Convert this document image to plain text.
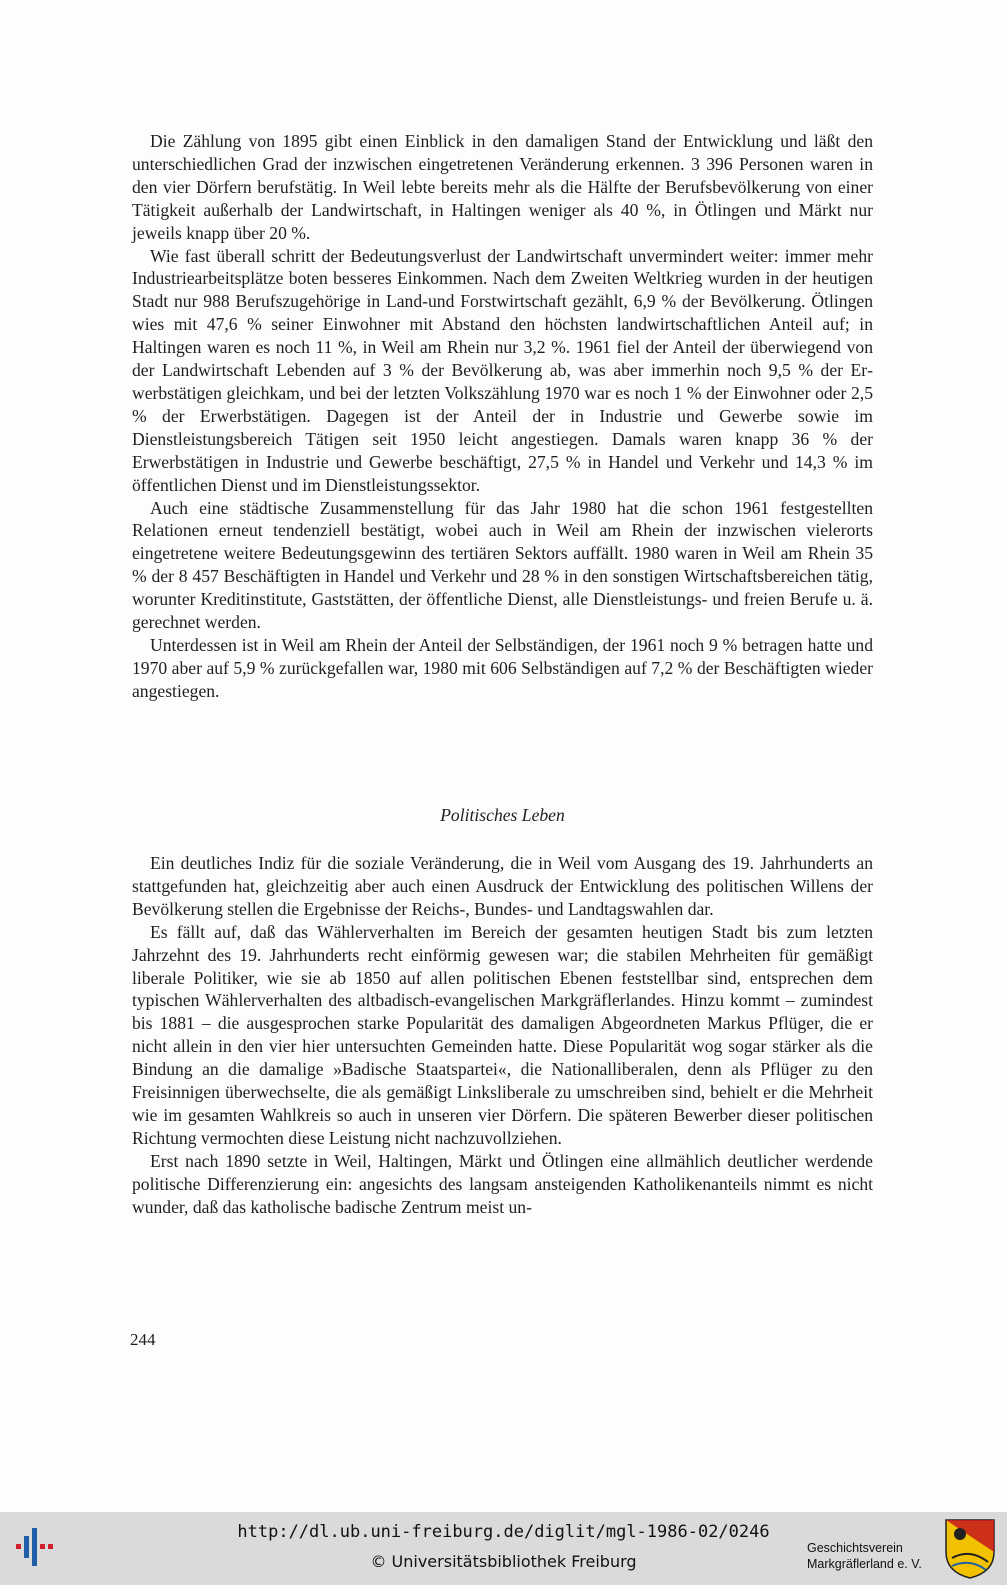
Die Zählung von 1895 gibt einen Einblick in den damaligen Stand der Entwicklung und läßt den unterschiedlichen Grad der inzwischen eingetretenen Veränderung erkennen. 3 396 Personen waren in den vier Dörfern berufstätig. In Weil lebte bereits mehr als die Hälfte der Berufsbevölkerung von einer Tätigkeit außerhalb der Landwirtschaft, in Haltingen weniger als 40 %, in Ötlingen und Märkt nur jeweils knapp über 20 %.

Wie fast überall schritt der Bedeutungsverlust der Landwirtschaft unvermindert weiter: immer mehr Industriearbeitsplätze boten besseres Einkommen. Nach dem Zweiten Weltkrieg wurden in der heutigen Stadt nur 988 Berufszugehörige in Land-und Forstwirtschaft gezählt, 6,9 % der Bevölkerung. Ötlingen wies mit 47,6 % seiner Einwohner mit Abstand den höchsten landwirtschaftlichen Anteil auf; in Haltingen waren es noch 11 %, in Weil am Rhein nur 3,2 %. 1961 fiel der Anteil der überwiegend von der Landwirtschaft Lebenden auf 3 % der Bevölkerung ab, was aber immerhin noch 9,5 % der Erwerbstätigen gleichkam, und bei der letzten Volkszählung 1970 war es noch 1 % der Einwohner oder 2,5 % der Erwerbstätigen. Dagegen ist der Anteil der in Industrie und Gewerbe sowie im Dienstleistungsbereich Tätigen seit 1950 leicht angestiegen. Damals waren knapp 36 % der Erwerbstätigen in Industrie und Gewerbe beschäftigt, 27,5 % in Handel und Verkehr und 14,3 % im öffentlichen Dienst und im Dienstleistungssektor.

Auch eine städtische Zusammenstellung für das Jahr 1980 hat die schon 1961 festgestellten Relationen erneut tendenziell bestätigt, wobei auch in Weil am Rhein der inzwischen vielerorts eingetretene weitere Bedeutungsgewinn des tertiären Sektors auffällt. 1980 waren in Weil am Rhein 35 % der 8 457 Beschäftigten in Handel und Verkehr und 28 % in den sonstigen Wirtschaftsbereichen tätig, worunter Kreditinstitute, Gaststätten, der öffentliche Dienst, alle Dienstleistungs- und freien Berufe u. ä. gerechnet werden.

Unterdessen ist in Weil am Rhein der Anteil der Selbständigen, der 1961 noch 9 % betragen hatte und 1970 aber auf 5,9 % zurückgefallen war, 1980 mit 606 Selbständigen auf 7,2 % der Beschäftigten wieder angestiegen.

Politisches Leben

Ein deutliches Indiz für die soziale Veränderung, die in Weil vom Ausgang des 19. Jahrhunderts an stattgefunden hat, gleichzeitig aber auch einen Ausdruck der Entwicklung des politischen Willens der Bevölkerung stellen die Ergebnisse der Reichs-, Bundes- und Landtagswahlen dar.

Es fällt auf, daß das Wählerverhalten im Bereich der gesamten heutigen Stadt bis zum letzten Jahrzehnt des 19. Jahrhunderts recht einförmig gewesen war; die stabilen Mehrheiten für gemäßigt liberale Politiker, wie sie ab 1850 auf allen politischen Ebenen feststellbar sind, entsprechen dem typischen Wählerverhalten des altbadisch-evangelischen Markgräflerlandes. Hinzu kommt – zumindest bis 1881 – die ausgesprochen starke Popularität des damaligen Abgeordneten Markus Pflüger, die er nicht allein in den vier hier untersuchten Gemeinden hatte. Diese Popularität wog sogar stärker als die Bindung an die damalige »Badische Staatspartei«, die Nationalliberalen, denn als Pflüger zu den Freisinnigen überwechselte, die als gemäßigt Linksliberale zu umschreiben sind, behielt er die Mehrheit wie im gesamten Wahlkreis so auch in unseren vier Dörfern. Die späteren Bewerber dieser politischen Richtung vermochten diese Leistung nicht nachzuvollziehen.

Erst nach 1890 setzte in Weil, Haltingen, Märkt und Ötlingen eine allmählich deutlicher werdende politische Differenzierung ein: angesichts des langsam ansteigenden Katholikenanteils nimmt es nicht wunder, daß das katholische badische Zentrum meist un-

244
http://dl.ub.uni-freiburg.de/diglit/mgl-1986-02/0246
© Universitätsbibliothek Freiburg
Geschichtsverein
Markgräflerland e. V.
